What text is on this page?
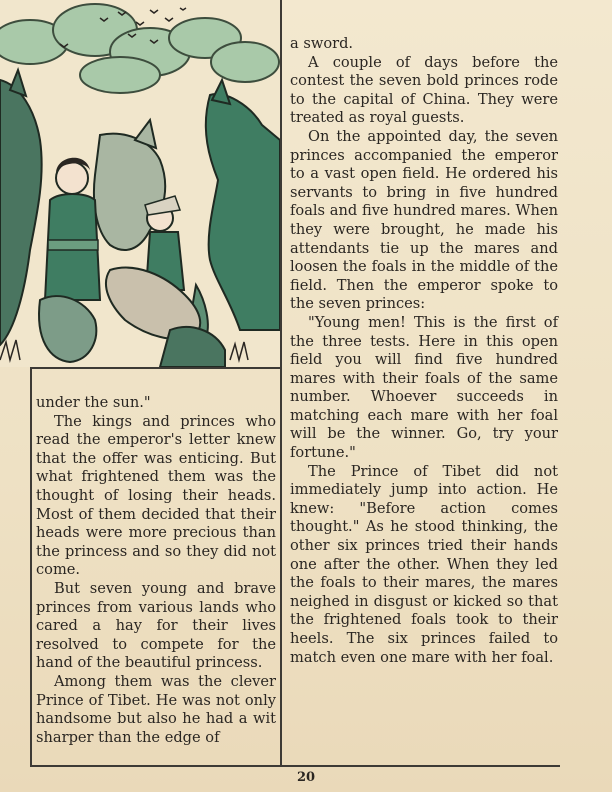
under the sun."

The kings and princes who read the emperor's letter knew that the offer was enticing. But what frightened them was the thought of losing their heads. Most of them decided that their heads were more precious than the princess and so they did not come.

But seven young and brave princes from various lands who cared a hay for their lives resolved to compete for the hand of the beautiful princess.

Among them was the clever Prince of Tibet. He was not only handsome but also he had a wit sharper than the edge of

a sword.

A couple of days before the contest the seven bold princes rode to the capital of China. They were treated as royal guests.

On the appointed day, the seven princes accompanied the emperor to a vast open field. He ordered his servants to bring in five hundred foals and five hundred mares. When they were brought, he made his attendants tie up the mares and loosen the foals in the middle of the field. Then the emperor spoke to the seven princes:

"Young men! This is the first of the three tests. Here in this open field you will find five hundred mares with their foals of the same number. Whoever succeeds in matching each mare with her foal will be the winner. Go, try your fortune."

The Prince of Tibet did not immediately jump into action. He knew: "Before action comes thought." As he stood thinking, the other six princes tried their hands one after the other. When they led the foals to their mares, the mares neighed in disgust or kicked so that the frightened foals took to their heels. The six princes failed to match even one mare with her foal.

20
